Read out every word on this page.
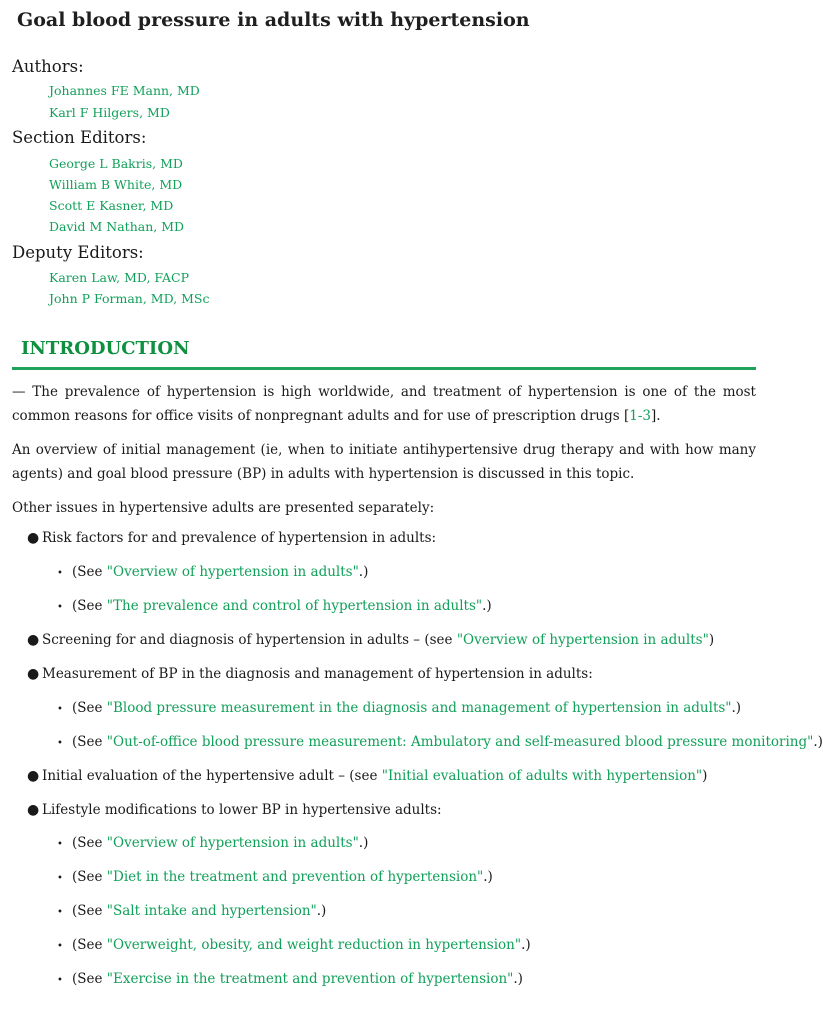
Goal blood pressure in adults with hypertension
Authors:
Johannes FE Mann, MD
Karl F Hilgers, MD
Section Editors:
George L Bakris, MD
William B White, MD
Scott E Kasner, MD
David M Nathan, MD
Deputy Editors:
Karen Law, MD, FACP
John P Forman, MD, MSc
INTRODUCTION

— The prevalence of hypertension is high worldwide, and treatment of hypertension is one of the most common reasons for office visits of nonpregnant adults and for use of prescription drugs [1-3].

An overview of initial management (ie, when to initiate antihypertensive drug therapy and with how many agents) and goal blood pressure (BP) in adults with hypertension is discussed in this topic.

Other issues in hypertensive adults are presented separately:

● Risk factors for and prevalence of hypertension in adults:
• (See "Overview of hypertension in adults".)
• (See "The prevalence and control of hypertension in adults".)
● Screening for and diagnosis of hypertension in adults – (see "Overview of hypertension in adults")
● Measurement of BP in the diagnosis and management of hypertension in adults:
• (See "Blood pressure measurement in the diagnosis and management of hypertension in adults".)
• (See "Out-of-office blood pressure measurement: Ambulatory and self-measured blood pressure monitoring".)
● Initial evaluation of the hypertensive adult – (see "Initial evaluation of adults with hypertension")
● Lifestyle modifications to lower BP in hypertensive adults:
• (See "Overview of hypertension in adults".)
• (See "Diet in the treatment and prevention of hypertension".)
• (See "Salt intake and hypertension".)
• (See "Overweight, obesity, and weight reduction in hypertension".)
• (See "Exercise in the treatment and prevention of hypertension".)
